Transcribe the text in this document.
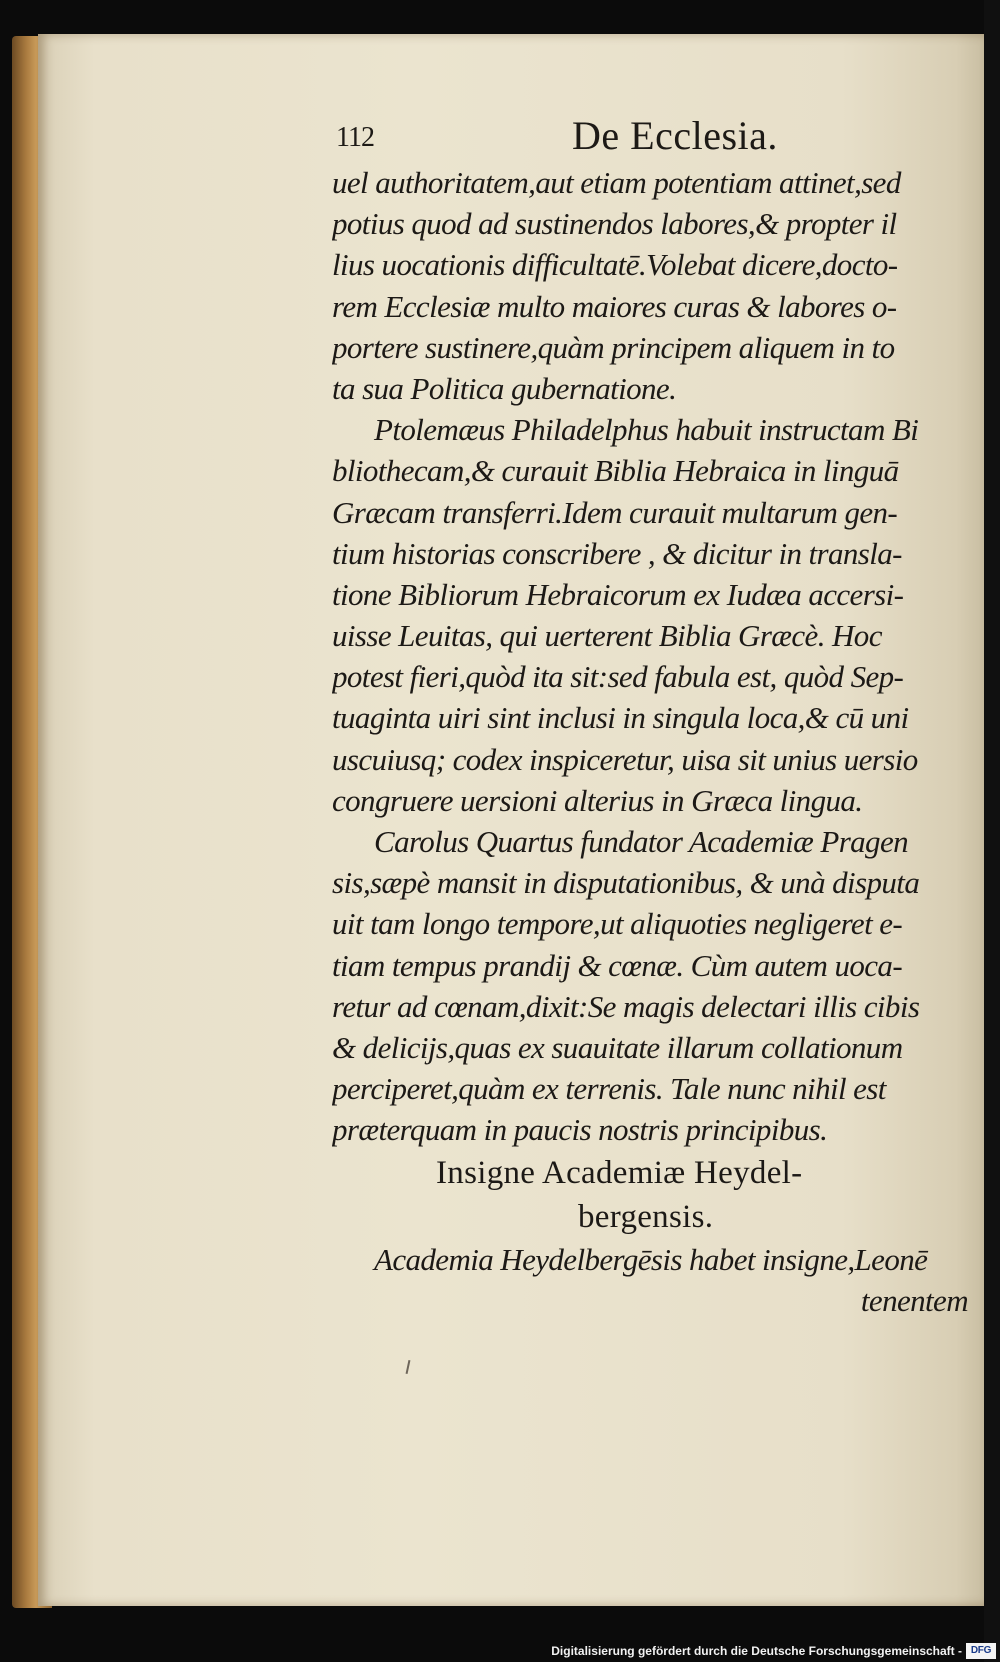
112	De Ecclesia.
uel authoritatem,aut etiam potentiam attinet,sed
potius quod ad sustinendos labores,& propter il
lius uocationis difficultatē.Volebat dicere,docto-
rem Ecclesiæ multo maiores curas & labores o-
portere sustinere,quàm principem aliquem in to
ta sua Politica gubernatione.
Ptolemæus Philadelphus habuit instructam Bi
bliothecam,& curauit Biblia Hebraica in linguā
Græcam transferri.Idem curauit multarum gen-
tium historias conscribere , & dicitur in transla-
tione Bibliorum Hebraicorum ex Iudæa accersi-
uisse Leuitas, qui uerterent Biblia Græcè. Hoc
potest fieri,quòd ita sit:sed fabula est, quòd Sep-
tuaginta uiri sint inclusi in singula loca,& cū uni
uscuiusq; codex inspiceretur, uisa sit unius uersio
congruere uersioni alterius in Græca lingua.
Carolus Quartus fundator Academiæ Pragen
sis,sæpè mansit in disputationibus, & unà disputa
uit tam longo tempore,ut aliquoties negligeret e-
tiam tempus prandij & cœnæ. Cùm autem uoca-
retur ad cœnam,dixit:Se magis delectari illis cibis
& delicijs,quas ex suauitate illarum collationum
perciperet,quàm ex terrenis. Tale nunc nihil est
præterquam in paucis nostris principibus.
Insigne Academiæ Heydel-
bergensis.
Academia Heydelbergēsis habet insigne,Leonē
tenentem
Digitalisierung gefördert durch die Deutsche Forschungsgemeinschaft - DFG
